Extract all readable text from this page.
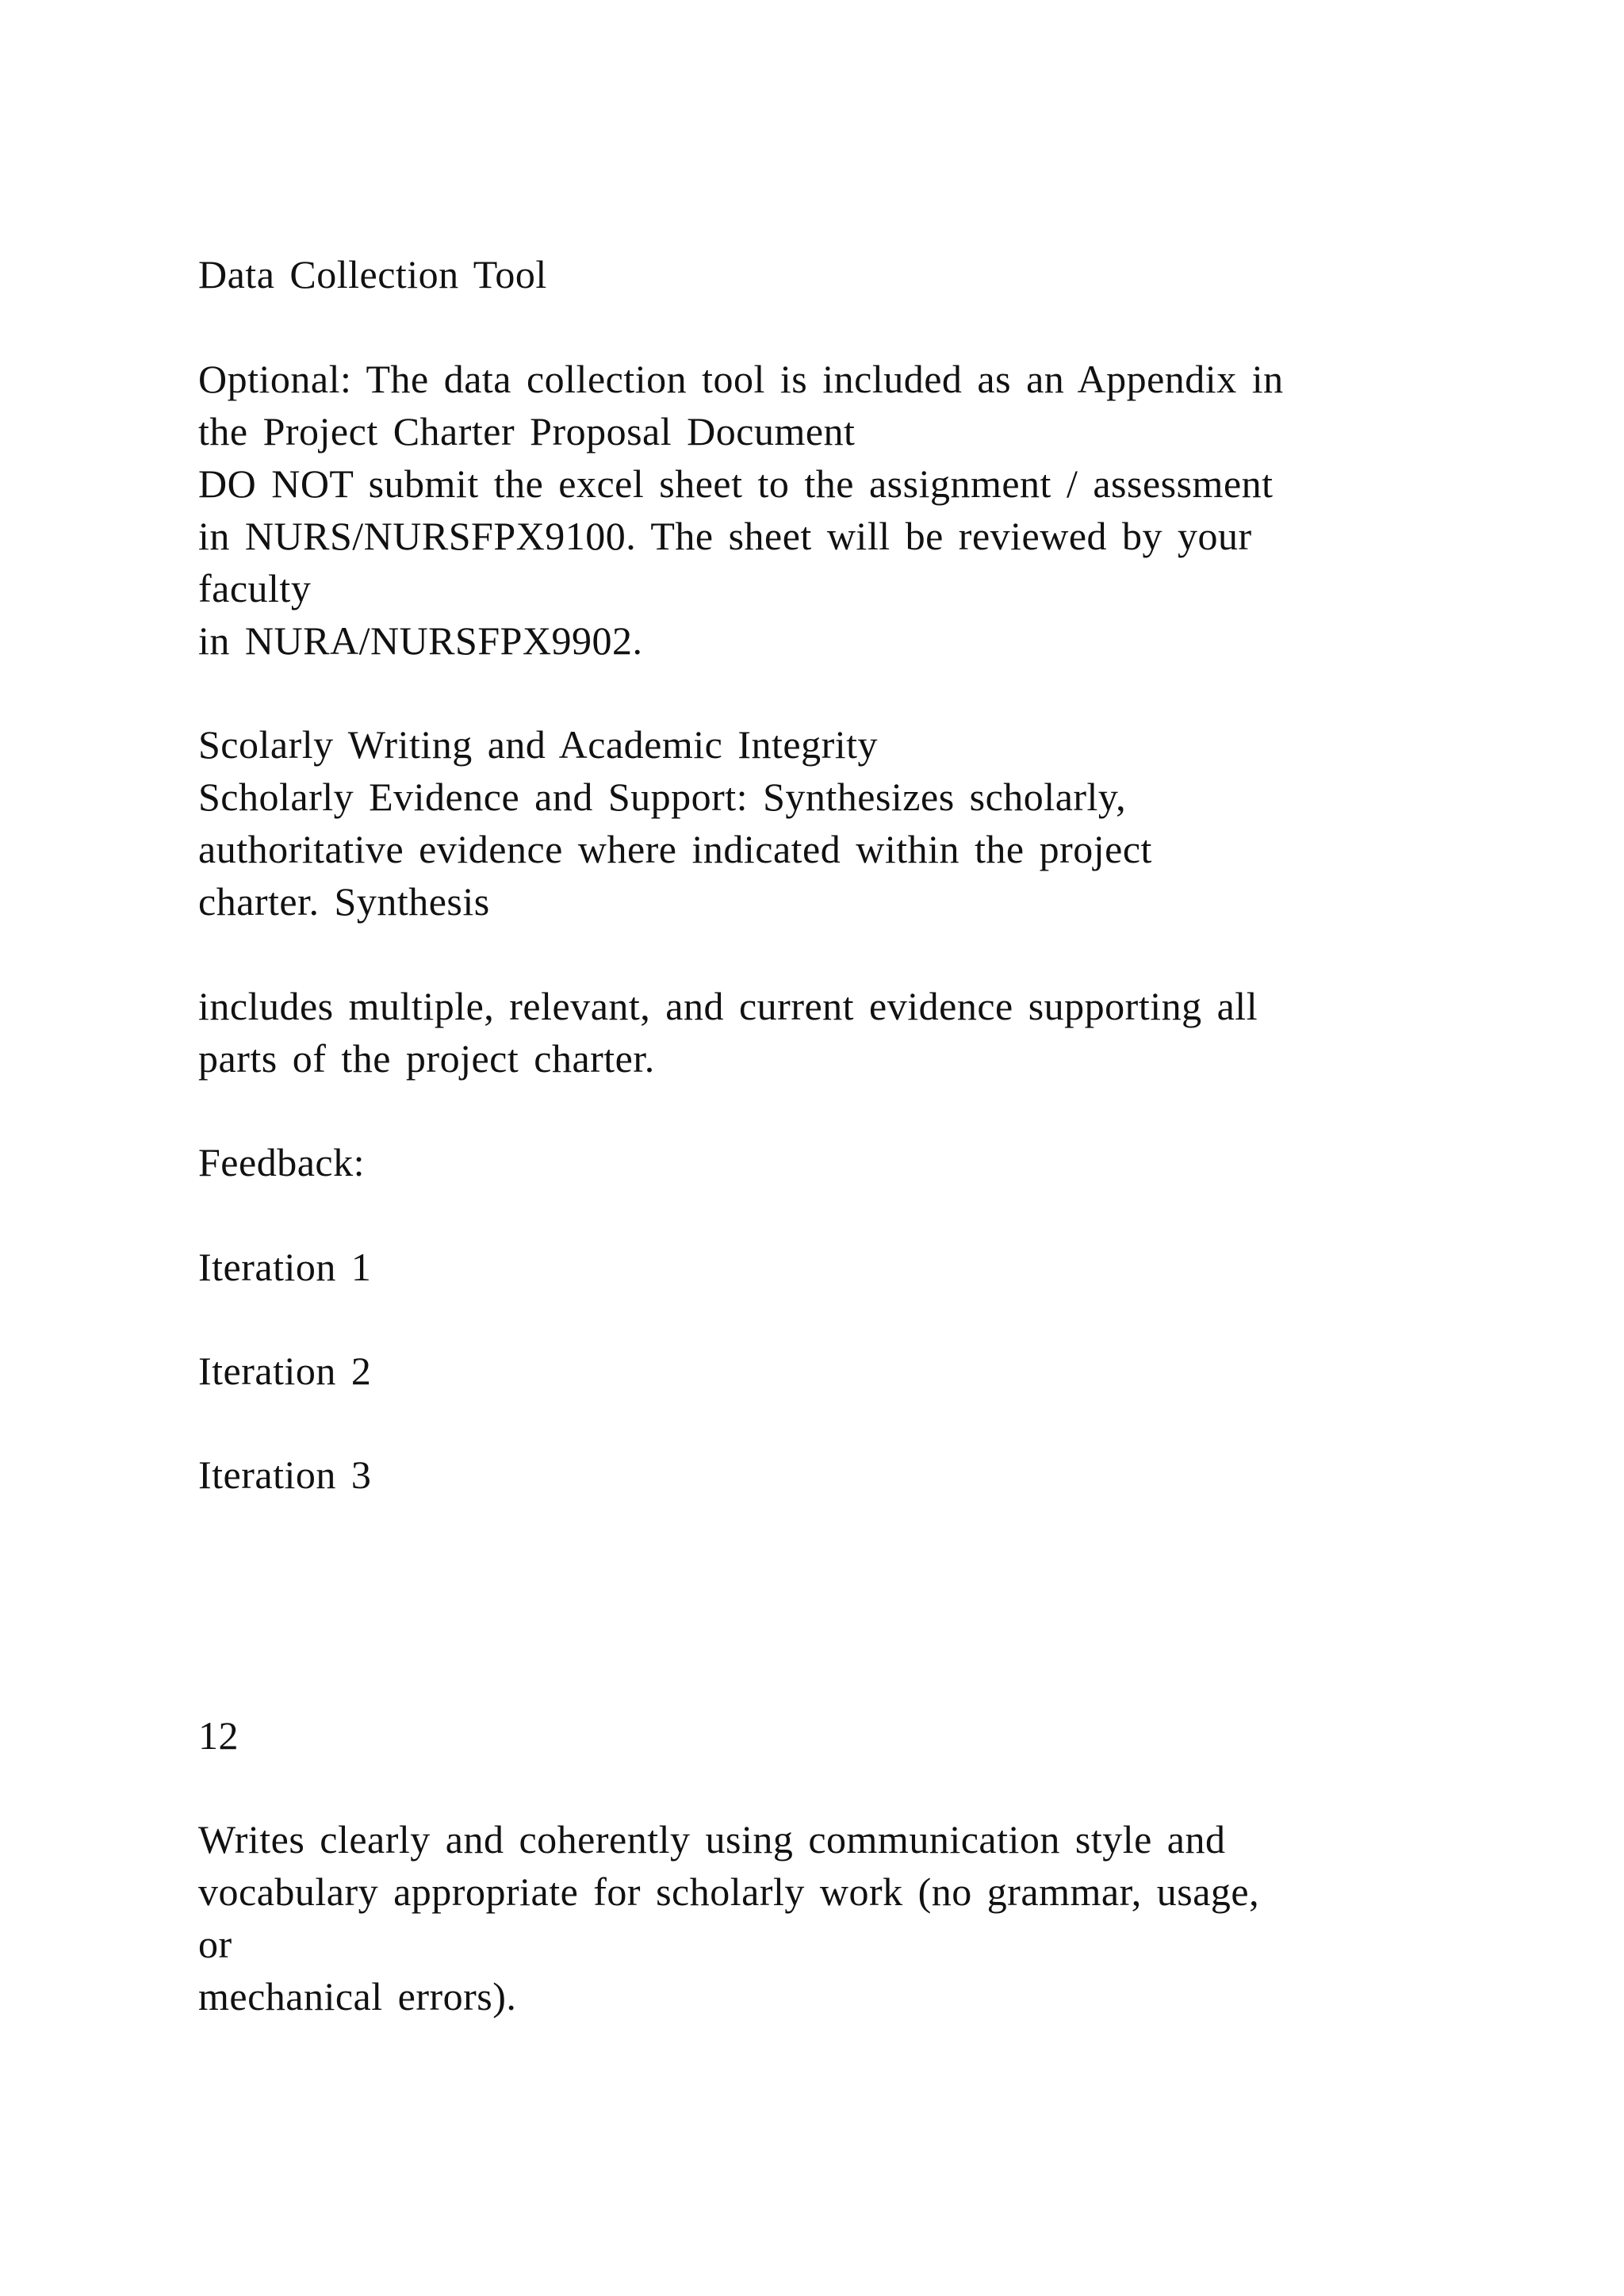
Data Collection Tool
Optional: The data collection tool is included as an Appendix in
the Project Charter Proposal Document
DO NOT submit the excel sheet to the assignment / assessment
in NURS/NURSFPX9100. The sheet will be reviewed by your
faculty
in NURA/NURSFPX9902.
Scolarly Writing and Academic Integrity
Scholarly Evidence and Support: Synthesizes scholarly,
authoritative evidence where indicated within the project
charter. Synthesis
includes multiple, relevant, and current evidence supporting all
parts of the project charter.
Feedback:
Iteration 1
Iteration 2
Iteration 3
12
Writes clearly and coherently using communication style and
vocabulary appropriate for scholarly work (no grammar, usage,
or
mechanical errors).
